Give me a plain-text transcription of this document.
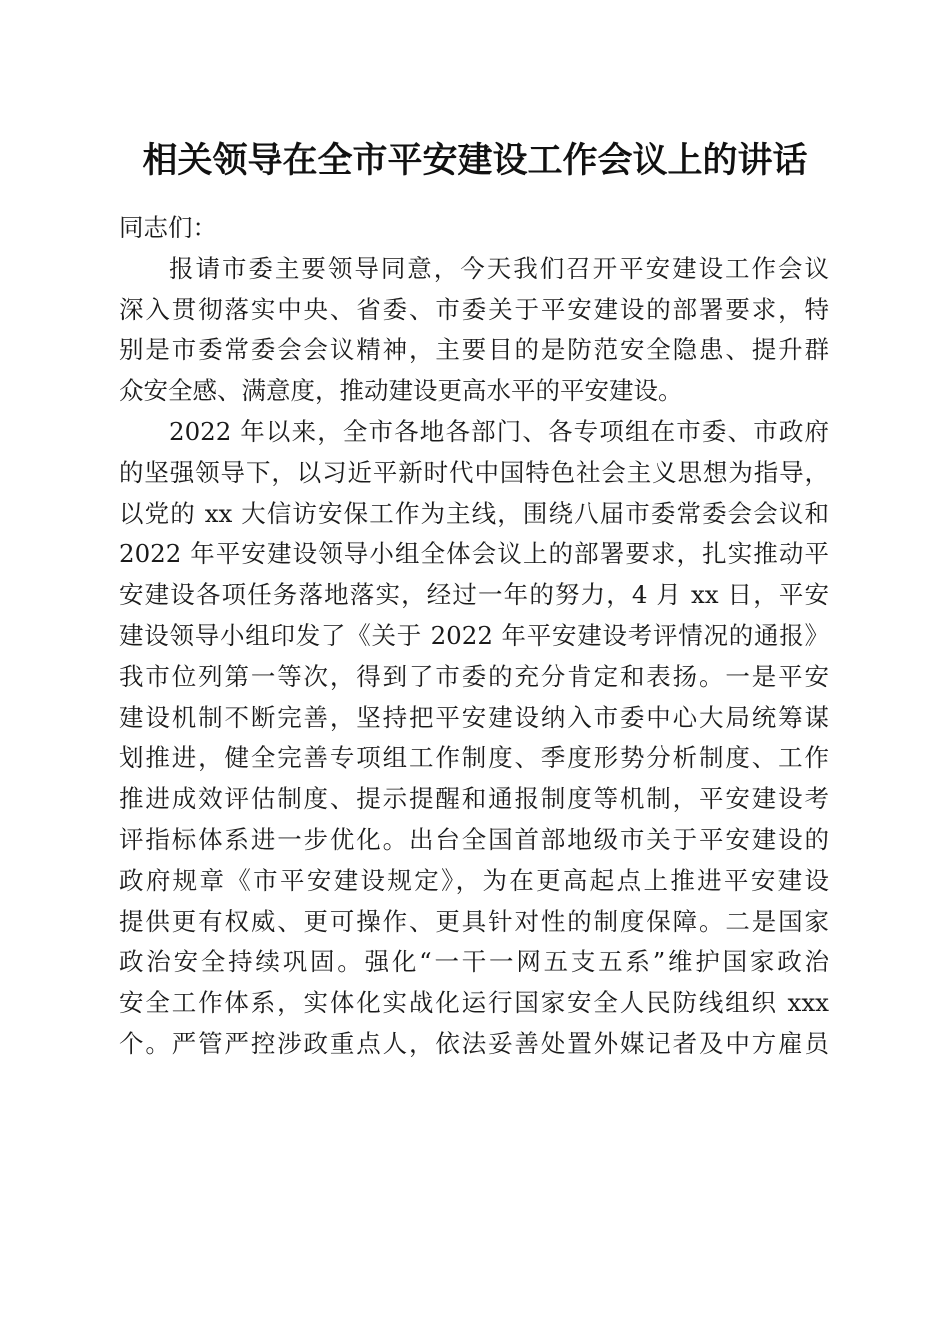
相关领导在全市平安建设工作会议上的讲话
同志们：
报请市委主要领导同意，今天我们召开平安建设工作会议
深入贯彻落实中央、省委、市委关于平安建设的部署要求，特
别是市委常委会会议精神，主要目的是防范安全隐患、提升群
众安全感、满意度，推动建设更高水平的平安建设。
2022 年以来，全市各地各部门、各专项组在市委、市政府
的坚强领导下，以习近平新时代中国特色社会主义思想为指导，
以党的 xx 大信访安保工作为主线，围绕八届市委常委会会议和
2022 年平安建设领导小组全体会议上的部署要求，扎实推动平
安建设各项任务落地落实，经过一年的努力，4 月 xx 日，平安
建设领导小组印发了《关于 2022 年平安建设考评情况的通报》
我市位列第一等次，得到了市委的充分肯定和表扬。一是平安
建设机制不断完善，坚持把平安建设纳入市委中心大局统筹谋
划推进，健全完善专项组工作制度、季度形势分析制度、工作
推进成效评估制度、提示提醒和通报制度等机制，平安建设考
评指标体系进一步优化。出台全国首部地级市关于平安建设的
政府规章《市平安建设规定》，为在更高起点上推进平安建设
提供更有权威、更可操作、更具针对性的制度保障。二是国家
政治安全持续巩固。强化“一干一网五支五系”维护国家政治
安全工作体系，实体化实战化运行国家安全人民防线组织 xxx
个。严管严控涉政重点人，依法妥善处置外媒记者及中方雇员
